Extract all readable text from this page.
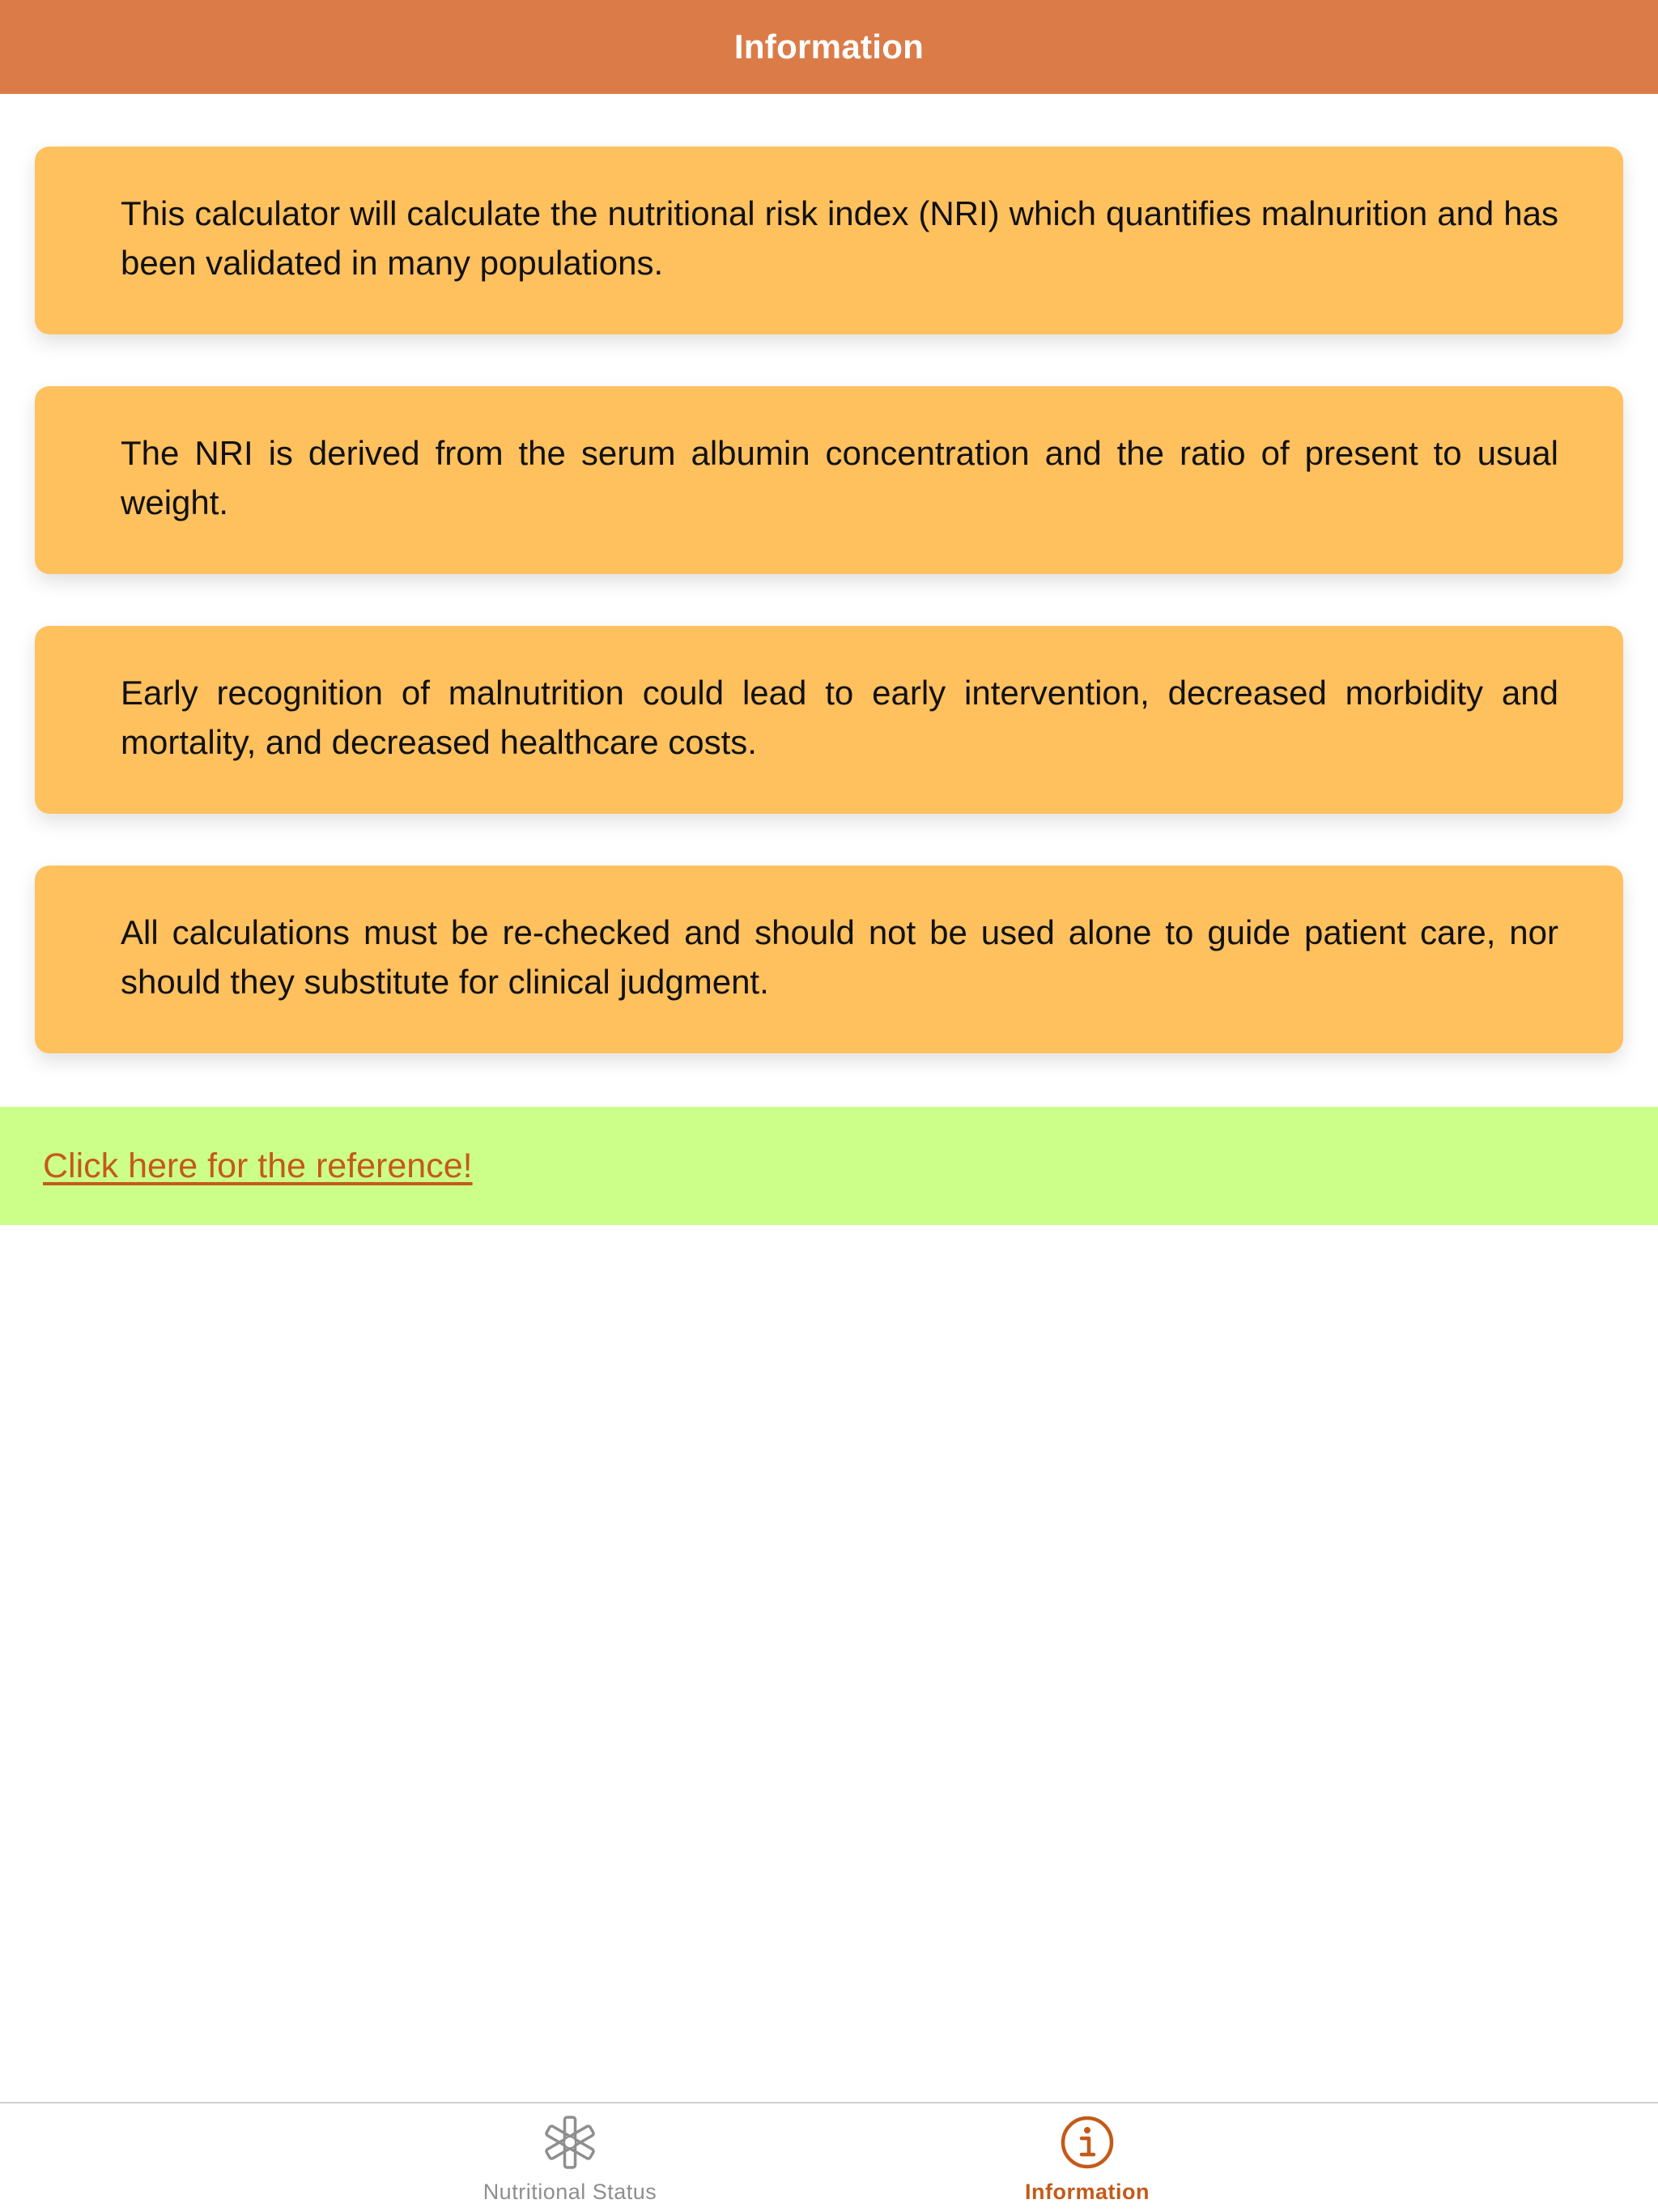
Information

This calculator will calculate the nutritional risk index (NRI) which quantifies malnurition and has been validated in many populations.

The NRI is derived from the serum albumin concentration and the ratio of present to usual weight.

Early recognition of malnutrition could lead to early intervention, decreased morbidity and mortality, and decreased healthcare costs.

All calculations must be re-checked and should not be used alone to guide patient care, nor should they substitute for clinical judgment.

Click here for the reference!
Nutritional Status	Information
